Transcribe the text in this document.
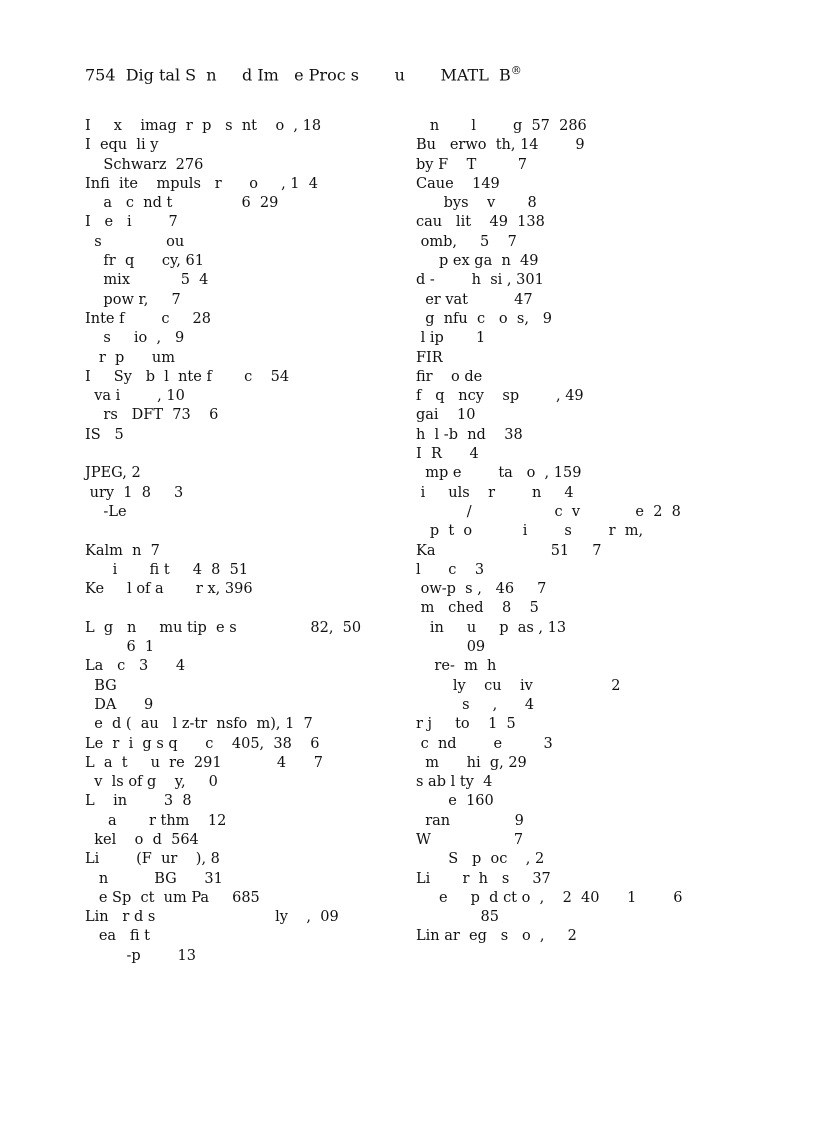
754 Dig tal S  n     d Im   e Proc s       u       MATL  B®
I     x    imag  r  p   s  nt    o  , 18
I  equ  li y
Schwarz  276
Infi  ite    mpuls   r      o     , 1  4
a   c  nd t               6  29
I   e   i        7
s              ou
fr  q      cy, 61
mix           5  4
pow r,     7
Inte f        c     28
s     io  ,   9
r  p      um
I     Sy   b  l  nte f       c    54
va i        , 10
rs   DFT  73    6
IS   5
JPEG, 2
ury  1  8     3
-Le
Kalm  n  7
i       fi t     4  8  51
Ke     l of a       r x, 396
L  g   n     mu tip  e s                82,  50
6  1
La   c   3      4
BG
DA      9
e  d (  au   l z-tr  nsfo  m), 1  7
Le  r  i  g s q      c    405,  38    6
L  a  t     u  re  291            4      7
v  ls of g    y,     0
L    in        3  8
a       r thm    12
kel    o  d  564
Li        (F  ur    ), 8
n          BG      31
e Sp  ct  um Pa     685
Lin   r d s                          ly    ,  09
ea   fi t
-p        13
n       l        g  57  286
Bu   erwo  th, 14        9
by F    T         7
Caue    149
bys    v       8
cau   lit    49  138
omb,     5    7
p ex ga  n  49
d -        h  si , 301
er vat          47
g  nfu  c   o  s,   9
l ip       1
FIR
fir    o de
f   q   ncy    sp        , 49
gai    10
h  l -b  nd    38
I  R      4
mp e        ta   o  , 159
i     uls    r        n     4
/                  c  v            e  2  8
p  t  o           i        s        r  m,
Ka                         51     7
l      c    3
ow-p  s ,   46     7
m   ched    8    5
in     u     p  as , 13
09
re-  m  h
ly    cu    iv                 2
s     ,      4
r j     to    1  5
c  nd        e         3
m      hi  g, 29
s ab l ty  4
e  160
ran              9
W                  7
S   p  oc    , 2
Li       r  h   s     37
e     p  d ct o  ,    2  40      1        6
85
Lin ar  eg   s   o  ,     2
